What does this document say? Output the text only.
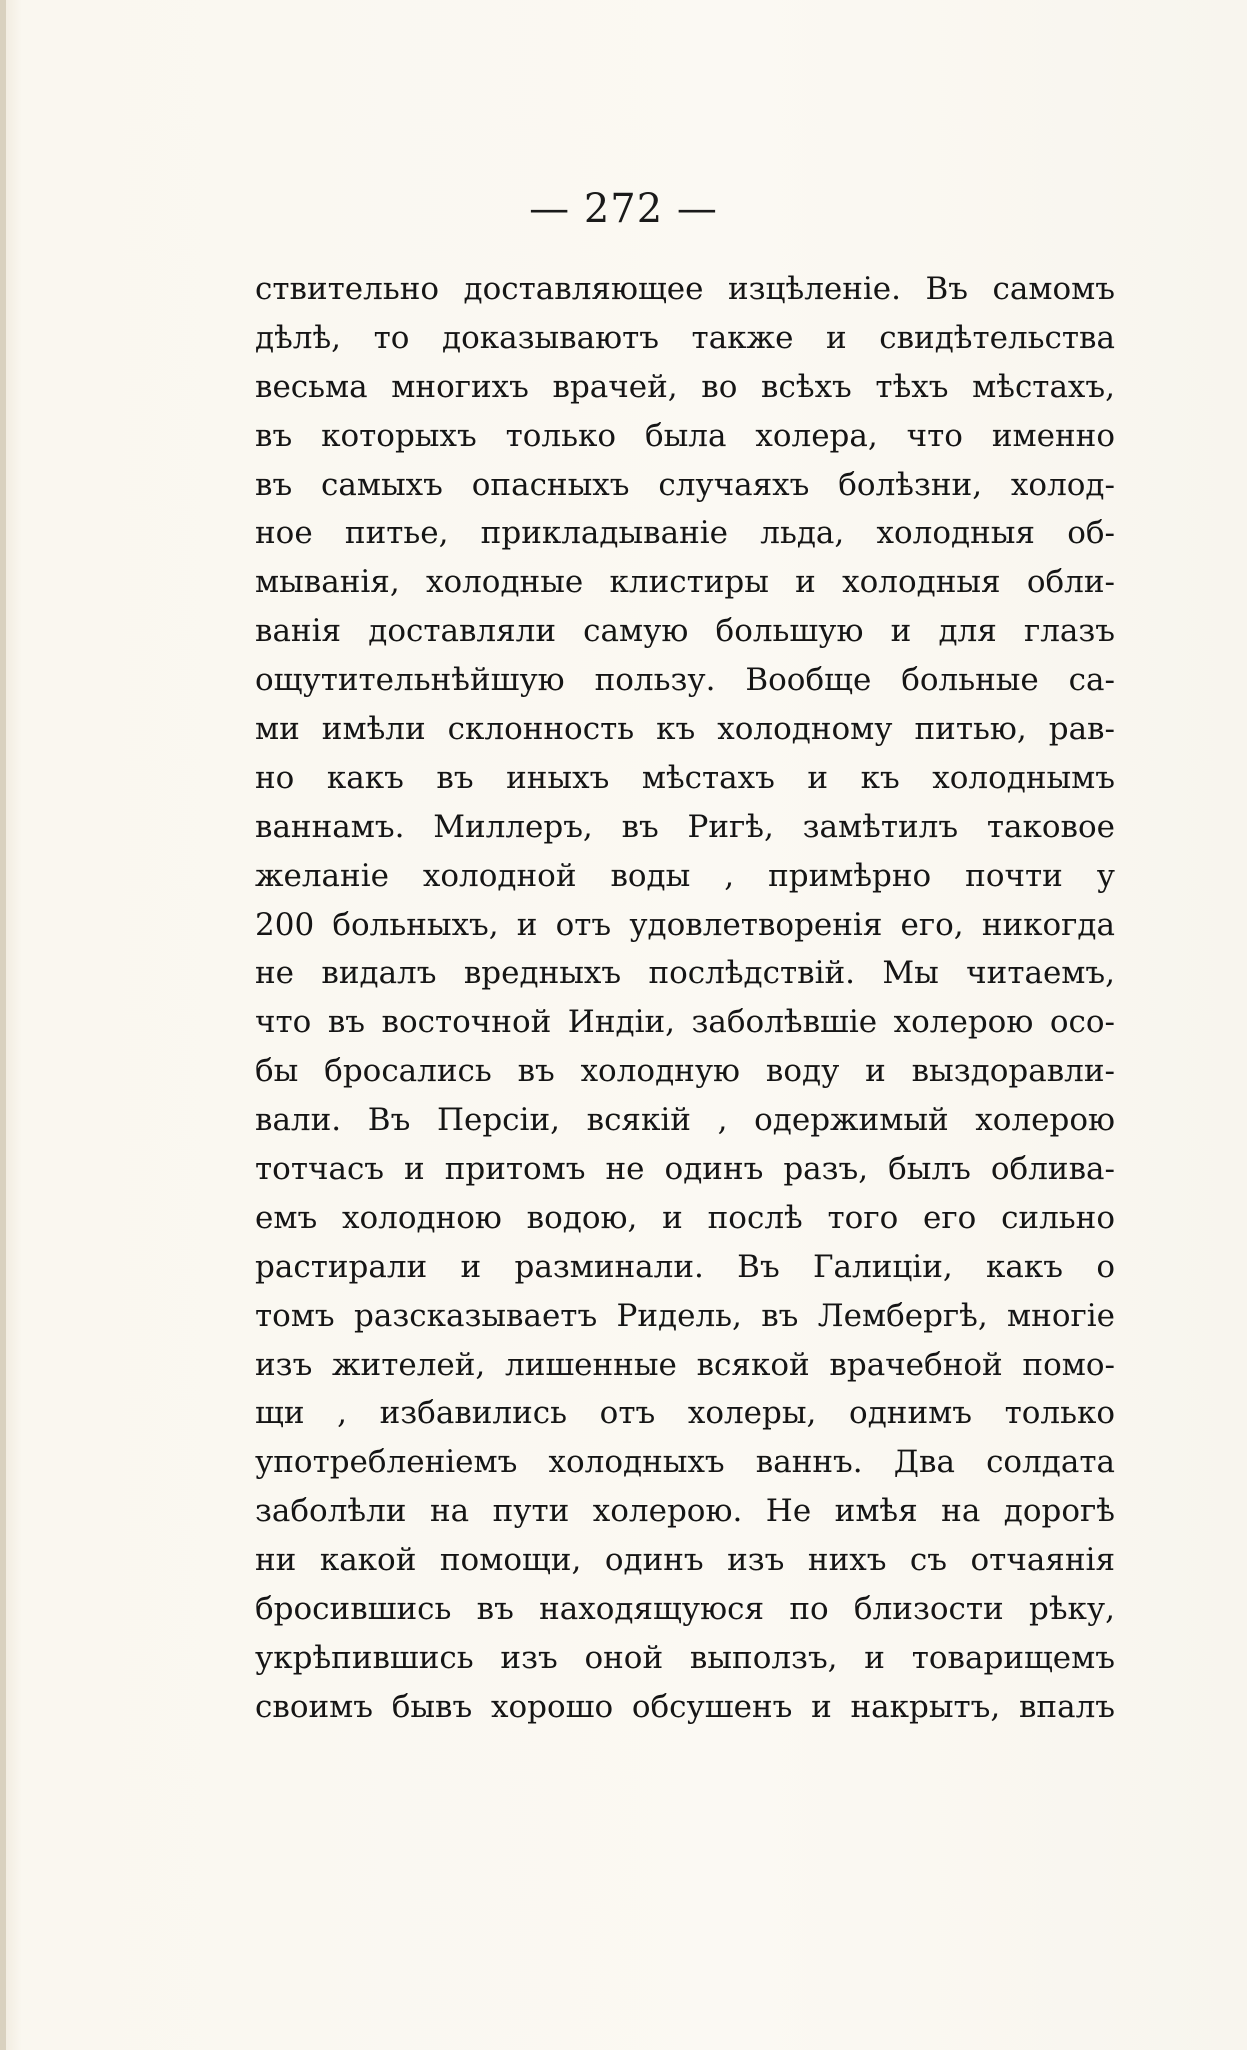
— 272 —
ствительно доставляющее изцѣленіе. Въ самомъ
дѣлѣ, то доказываютъ также и свидѣтельства
весьма многихъ врачей, во всѣхъ тѣхъ мѣстахъ,
въ которыхъ только была холера, что именно
въ самыхъ опасныхъ случаяхъ болѣзни, холод-
ное питье, прикладываніе льда, холодныя об-
мыванія, холодные клистиры и холодныя обли-
ванія доставляли самую большую и для глазъ
ощутительнѣйшую пользу. Вообще больные са-
ми имѣли склонность къ холодному питью, рав-
но какъ въ иныхъ мѣстахъ и къ холоднымъ
ваннамъ. Миллеръ, въ Ригѣ, замѣтилъ таковое
желаніе холодной воды , примѣрно почти у
200 больныхъ, и отъ удовлетворенія его, никогда
не видалъ вредныхъ послѣдствій. Мы читаемъ,
что въ восточной Индіи, заболѣвшіе холерою осо-
бы бросались въ холодную воду и выздоравли-
вали. Въ Персіи, всякій , одержимый холерою
тотчасъ и притомъ не одинъ разъ, былъ обливa-
емъ холодною водою, и послѣ того его сильно
растирали и разминали. Въ Галиціи, какъ о
томъ разсказываетъ Ридель, въ Лембергѣ, многіе
изъ жителей, лишенные всякой врачебной помо-
щи , избавились отъ холеры, однимъ только
употребленіемъ холодныхъ ваннъ. Два солдата
заболѣли на пути холерою. Не имѣя на дорогѣ
ни какой помощи, одинъ изъ нихъ съ отчаянія
бросившись въ находящуюся по близости рѣку,
укрѣпившись изъ оной выползъ, и товарищемъ
своимъ бывъ хорошо обсушенъ и накрытъ, впалъ
